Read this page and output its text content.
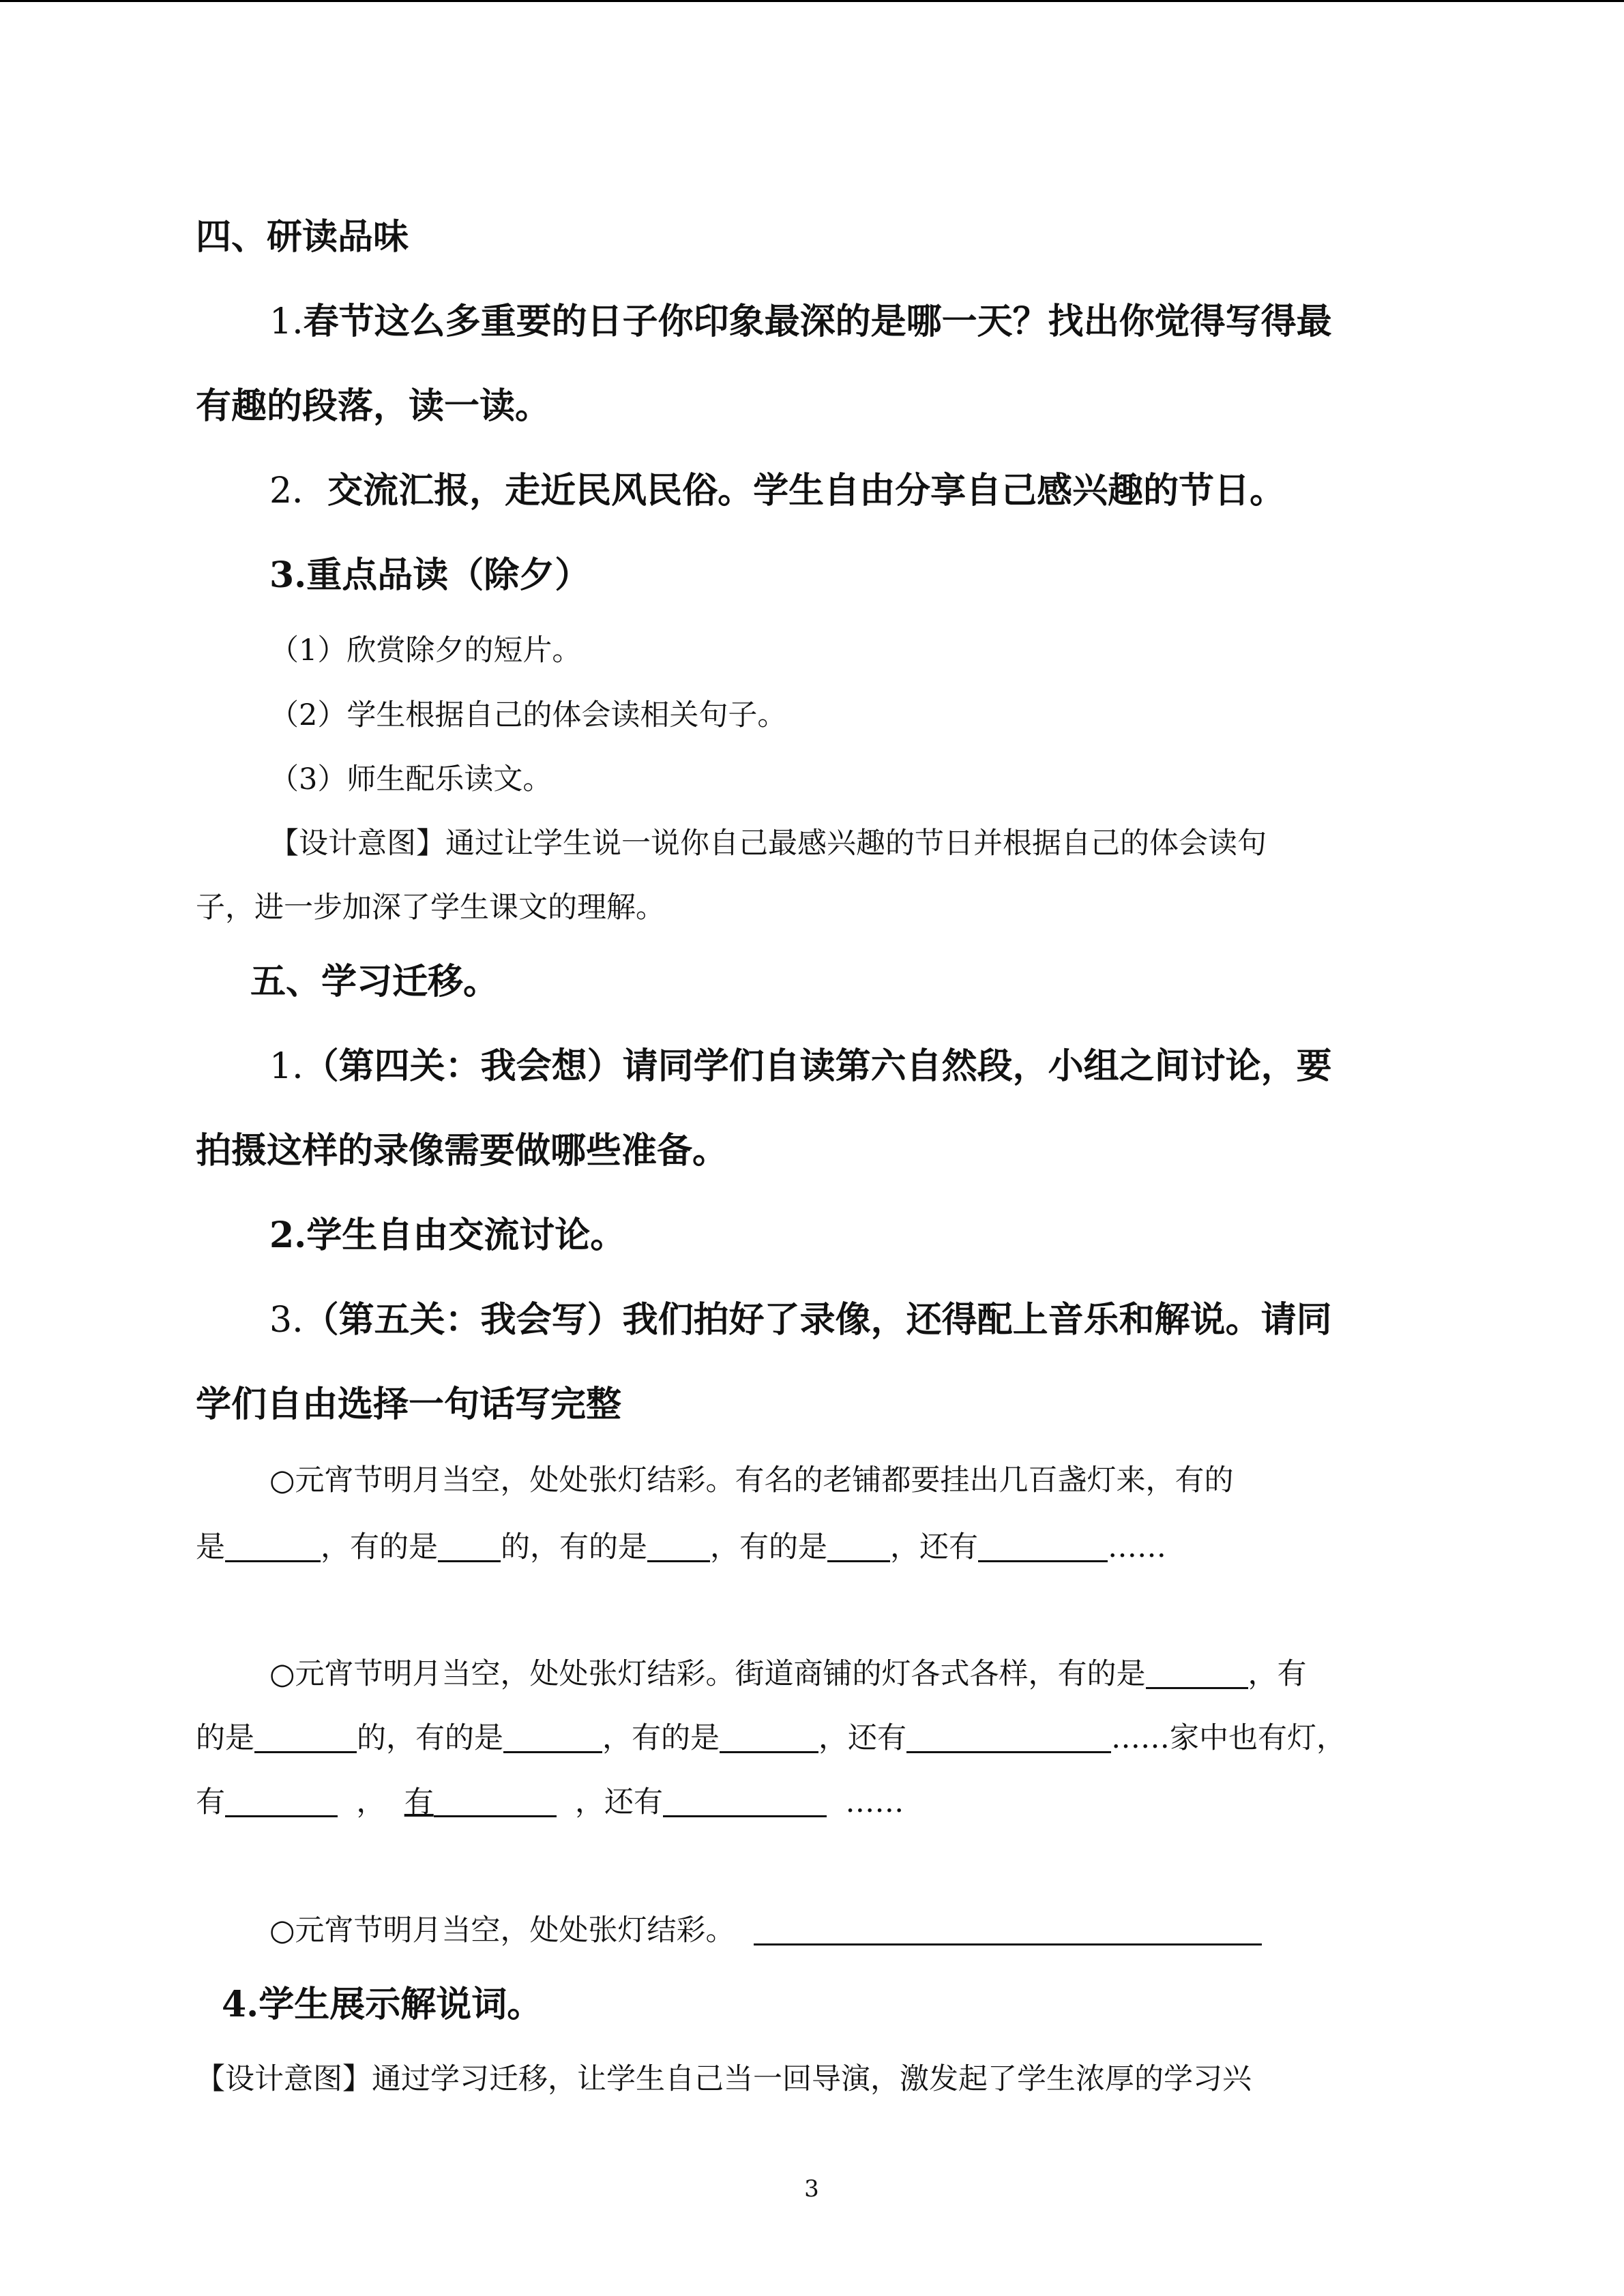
四、研读品味
1.春节这么多重要的日子你印象最深的是哪一天？找出你觉得写得最
有趣的段落，读一读。
2．交流汇报，走近民风民俗。学生自由分享自己感兴趣的节日。
3.重点品读（除夕）
（1）欣赏除夕的短片。
（2）学生根据自己的体会读相关句子。
（3）师生配乐读文。
【设计意图】通过让学生说一说你自己最感兴趣的节日并根据自己的体会读句
子，进一步加深了学生课文的理解。
五、学习迁移。
1.（第四关：我会想）请同学们自读第六自然段，小组之间讨论，要
拍摄这样的录像需要做哪些准备。
2.学生自由交流讨论。
3.（第五关：我会写）我们拍好了录像，还得配上音乐和解说。请同
学们自由选择一句话写完整
○元宵节明月当空，处处张灯结彩。有名的老铺都要挂出几百盏灯来，有的
是	，有的是 的，有的是 ，有的是 ，还有	……
○元宵节明月当空，处处张灯结彩。街道商铺的灯各式各样，有的是	，有
的是	的，有的是	，有的是	，还有	……家中也有灯，
有	， 有	，还有	……
○元宵节明月当空，处处张灯结彩。
4.学生展示解说词。
【设计意图】通过学习迁移，让学生自己当一回导演，激发起了学生浓厚的学习兴
3
